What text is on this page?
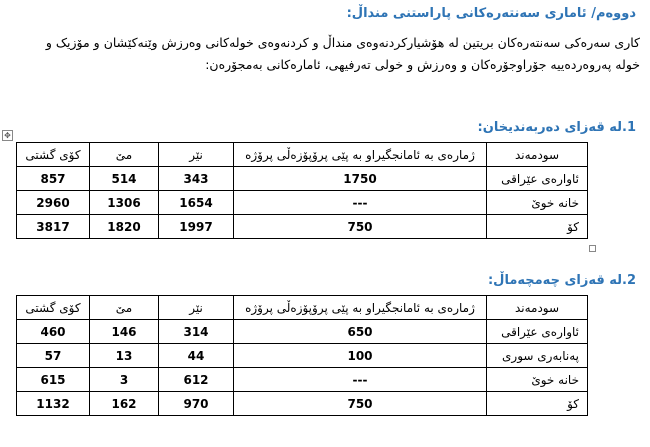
دووەم/ ئاماری سەنتەرەکانی پاراستنی منداڵ:
کاری سەرەکی سەنتەرەکان بریتین لە هۆشیارکردنەوەی منداڵ و کردنەوەی خولەکانی وەرزش وێنەکێشان و مۆزیک و
خولە پەروەردەییە جۆراوجۆرەکان و وەرزش و خولی تەرفیهی، ئامارەکانی بەمجۆرەن:
1.لە قەزای دەربەندیخان:
✥
سودمەند	ژمارەی بە ئامانجگیراو بە پێی پرۆپۆزەڵی پرۆژە	نێر	مێ	کۆی گشتی
ئاوارەی عێراقی	1750	343	514	857
خانە خوێ	---	1654	1306	2960
کۆ	750	1997	1820	3817
2.لە قەزای چەمچەماڵ:
سودمەند	ژمارەی بە ئامانجگیراو بە پێی پرۆپۆزەڵی پرۆژە	نێر	مێ	کۆی گشتی
ئاوارەی عێراقی	650	314	146	460
پەنابەری سوری	100	44	13	57
خانە خوێ	---	612	3	615
کۆ	750	970	162	1132
